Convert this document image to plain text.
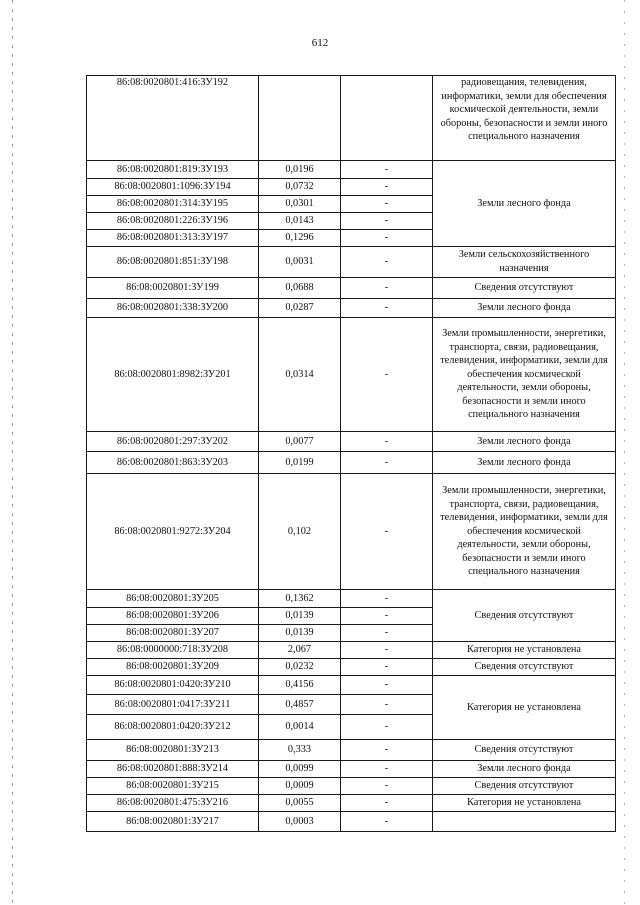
612
86:08:0020801:416:ЗУ192			радиовещания, телевидения, информатики, земли для обеспечения космической деятельности, земли обороны, безопасности и земли иного специального назначения
86:08:0020801:819:ЗУ193	0,0196	-	Земли лесного фонда
86:08:0020801:1096:ЗУ194	0,0732	-	
86:08:0020801:314:ЗУ195	0,0301	-	
86:08:0020801:226:ЗУ196	0,0143	-	
86:08:0020801:313:ЗУ197	0,1296	-	
86:08:0020801:851:ЗУ198	0,0031	-	Земли сельскохозяйственного назначения
86:08:0020801:ЗУ199	0,0688	-	Сведения отсутствуют
86:08:0020801:338:ЗУ200	0,0287	-	Земли лесного фонда
86:08:0020801:8982:ЗУ201	0,0314	-	Земли промышленности, энергетики, транспорта, связи, радиовещания, телевидения, информатики, земли для обеспечения космической деятельности, земли обороны, безопасности и земли иного специального назначения
86:08:0020801:297:ЗУ202	0,0077	-	Земли лесного фонда
86:08:0020801:863:ЗУ203	0,0199	-	Земли лесного фонда
86:08:0020801:9272:ЗУ204	0,102	-	Земли промышленности, энергетики, транспорта, связи, радиовещания, телевидения, информатики, земли для обеспечения космической деятельности, земли обороны, безопасности и земли иного специального назначения
86:08:0020801:ЗУ205	0,1362	-	Сведения отсутствуют
86:08:0020801:ЗУ206	0,0139	-	
86:08:0020801:ЗУ207	0,0139	-	
86:08:0000000:718:ЗУ208	2,067	-	Категория не установлена
86:08:0020801:ЗУ209	0,0232	-	Сведения отсутствуют
86:08:0020801:0420:ЗУ210	0,4156	-	Категория не установлена
86:08:0020801:0417:ЗУ211	0,4857	-	
86:08:0020801:0420:ЗУ212	0,0014	-	
86:08:0020801:ЗУ213	0,333	-	Сведения отсутствуют
86:08:0020801:888:ЗУ214	0,0099	-	Земли лесного фонда
86:08:0020801:ЗУ215	0,0009	-	Сведения отсутствуют
86:08:0020801:475:ЗУ216	0,0055	-	Категория не установлена
86:08:0020801:ЗУ217	0,0003	-	
